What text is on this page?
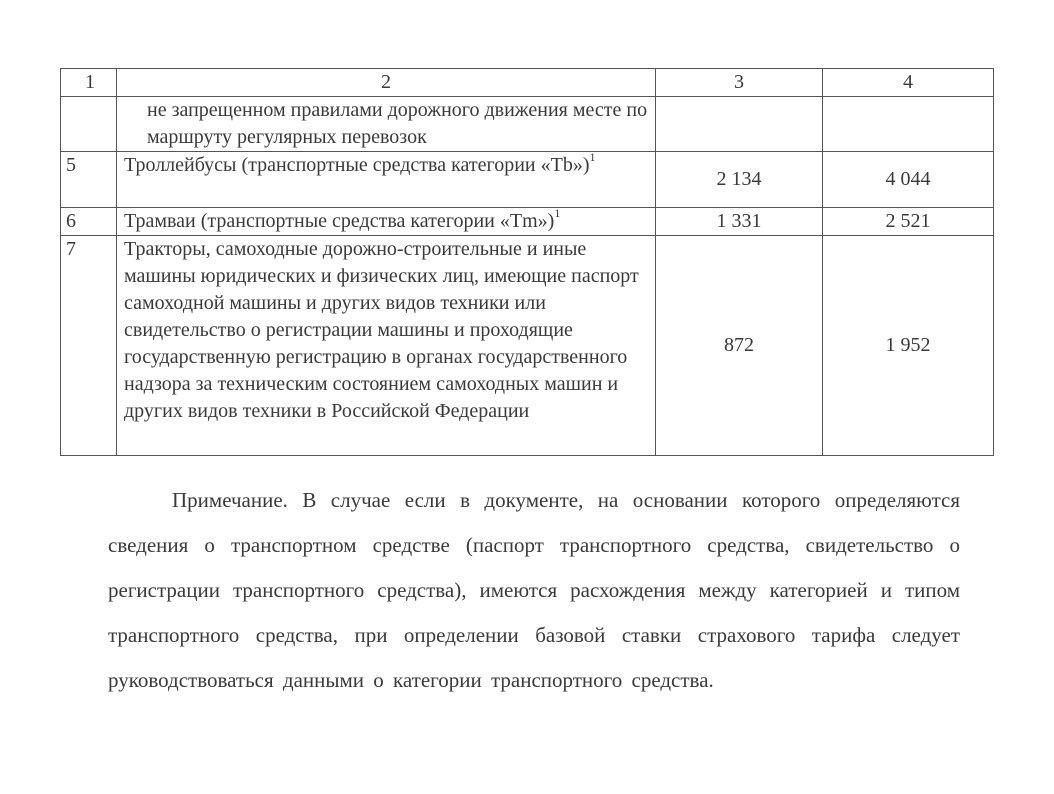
1	2	3	4
	не запрещенном правилами дорожного движения месте по маршруту регулярных перевозок		
5	Троллейбусы (транспортные средства категории «Tb»)$^1$	2 134	4 044
6	Трамваи (транспортные средства категории «Tm»)$^1$	1 331	2 521
7	Тракторы, самоходные дорожно-строительные и иные машины юридических и физических лиц, имеющие паспорт самоходной машины и других видов техники или свидетельство о регистрации машины и проходящие государственную регистрацию в органах государственного надзора за техническим состоянием самоходных машин и других видов техники в Российской Федерации	872	1 952

Примечание. В случае если в документе, на основании которого определяются сведения о транспортном средстве (паспорт транспортного средства, свидетельство о регистрации транспортного средства), имеются расхождения между категорией и типом транспортного средства, при определении базовой ставки страхового тарифа следует руководствоваться данными о категории транспортного средства.
